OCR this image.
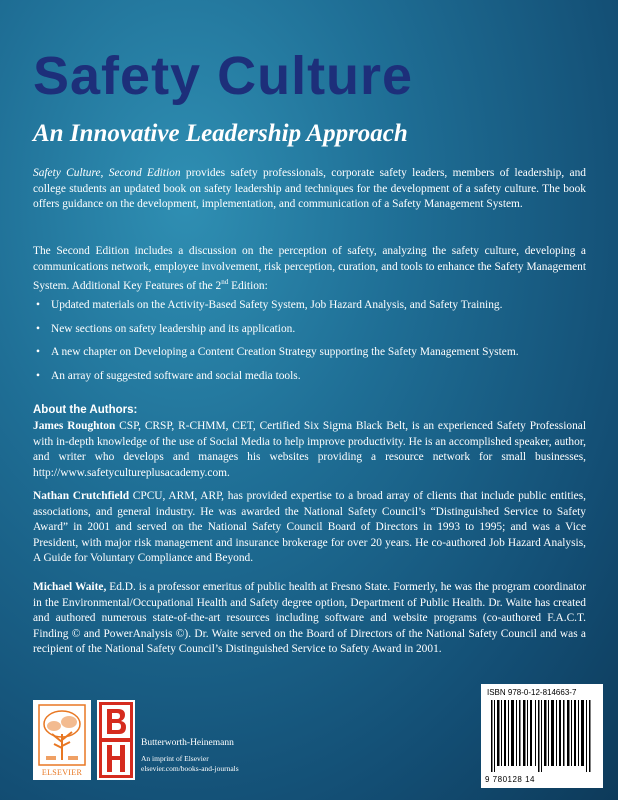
Safety Culture
An Innovative Leadership Approach

Safety Culture, Second Edition provides safety professionals, corporate safety leaders, members of leadership, and college students an updated book on safety leadership and techniques for the development of a safety culture. The book offers guidance on the development, implementation, and communication of a Safety Management System.

The Second Edition includes a discussion on the perception of safety, analyzing the safety culture, developing a communications network, employee involvement, risk perception, curation, and tools to enhance the Safety Management System. Additional Key Features of the 2nd Edition:

• Updated materials on the Activity-Based Safety System, Job Hazard Analysis, and Safety Training.
• New sections on safety leadership and its application.
• A new chapter on Developing a Content Creation Strategy supporting the Safety Management System.
• An array of suggested software and social media tools.
About the Authors:

James Roughton CSP, CRSP, R-CHMM, CET, Certified Six Sigma Black Belt, is an experienced Safety Professional with in-depth knowledge of the use of Social Media to help improve productivity. He is an accomplished speaker, author, and writer who develops and manages his websites providing a resource network for small businesses, http://www.safetycultureplusacademy.com.

Nathan Crutchfield CPCU, ARM, ARP, has provided expertise to a broad array of clients that include public entities, associations, and general industry. He was awarded the National Safety Council’s “Distinguished Service to Safety Award” in 2001 and served on the National Safety Council Board of Directors in 1993 to 1995; and was a Vice President, with major risk management and insurance brokerage for over 20 years. He co-authored Job Hazard Analysis, A Guide for Voluntary Compliance and Beyond.

Michael Waite, Ed.D. is a professor emeritus of public health at Fresno State. Formerly, he was the program coordinator in the Environmental/Occupational Health and Safety degree option, Department of Public Health. Dr. Waite has created and authored numerous state-of-the-art resources including software and website programs (co-authored F.A.C.T. Finding © and PowerAnalysis ©). Dr. Waite served on the Board of Directors of the National Safety Council and was a recipient of the National Safety Council’s Distinguished Service to Safety Award in 2001.

ELSEVIER
Butterworth-Heinemann
An imprint of Elsevier
elsevier.com/books-and-journals
ISBN 978-0-12-814663-7
9 780128 14
